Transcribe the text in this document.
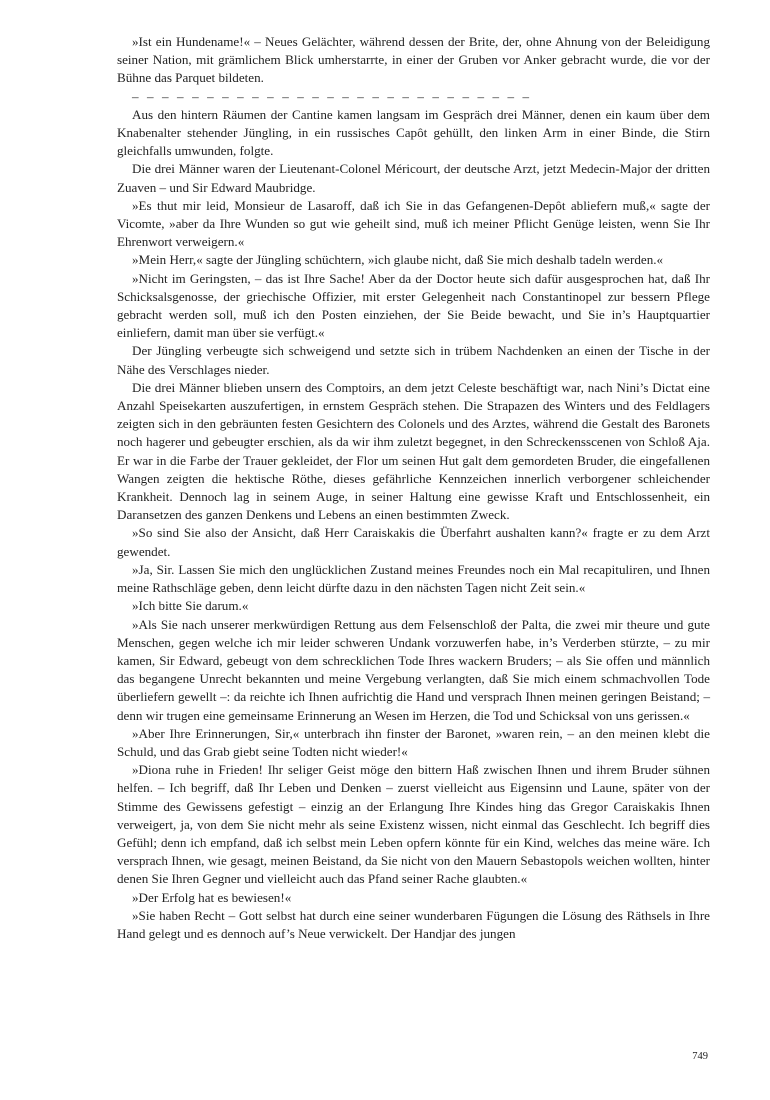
»Ist ein Hundename!« – Neues Gelächter, während dessen der Brite, der, ohne Ahnung von der Beleidigung seiner Nation, mit grämlichem Blick umherstarrte, in einer der Gruben vor Anker gebracht wurde, die vor der Bühne das Parquet bildeten.

– – – – – – – – – – – – – – – – – – – – – – – – – – –

Aus den hintern Räumen der Cantine kamen langsam im Gespräch drei Männer, denen ein kaum über dem Knabenalter stehender Jüngling, in ein russisches Capôt gehüllt, den linken Arm in einer Binde, die Stirn gleichfalls umwunden, folgte.

Die drei Männer waren der Lieutenant-Colonel Méricourt, der deutsche Arzt, jetzt Medecin-Major der dritten Zuaven – und Sir Edward Maubridge.

»Es thut mir leid, Monsieur de Lasaroff, daß ich Sie in das Gefangenen-Depôt abliefern muß,« sagte der Vicomte, »aber da Ihre Wunden so gut wie geheilt sind, muß ich meiner Pflicht Genüge leisten, wenn Sie Ihr Ehrenwort verweigern.«

»Mein Herr,« sagte der Jüngling schüchtern, »ich glaube nicht, daß Sie mich deshalb tadeln werden.«

»Nicht im Geringsten, – das ist Ihre Sache! Aber da der Doctor heute sich dafür ausgesprochen hat, daß Ihr Schicksalsgenosse, der griechische Offizier, mit erster Gelegenheit nach Constantinopel zur bessern Pflege gebracht werden soll, muß ich den Posten einziehen, der Sie Beide bewacht, und Sie in’s Hauptquartier einliefern, damit man über sie verfügt.«

Der Jüngling verbeugte sich schweigend und setzte sich in trübem Nachdenken an einen der Tische in der Nähe des Verschlages nieder.

Die drei Männer blieben unsern des Comptoirs, an dem jetzt Celeste beschäftigt war, nach Nini’s Dictat eine Anzahl Speisekarten auszufertigen, in ernstem Gespräch stehen. Die Strapazen des Winters und des Feldlagers zeigten sich in den gebräunten festen Gesichtern des Colonels und des Arztes, während die Gestalt des Baronets noch hagerer und gebeugter erschien, als da wir ihm zuletzt begegnet, in den Schreckensscenen von Schloß Aja. Er war in die Farbe der Trauer gekleidet, der Flor um seinen Hut galt dem gemordeten Bruder, die eingefallenen Wangen zeigten die hektische Röthe, dieses gefährliche Kennzeichen innerlich verborgener schleichender Krankheit. Dennoch lag in seinem Auge, in seiner Haltung eine gewisse Kraft und Entschlossenheit, ein Daransetzen des ganzen Denkens und Lebens an einen bestimmten Zweck.

»So sind Sie also der Ansicht, daß Herr Caraiskakis die Überfahrt aushalten kann?« fragte er zu dem Arzt gewendet.

»Ja, Sir. Lassen Sie mich den unglücklichen Zustand meines Freundes noch ein Mal recapituliren, und Ihnen meine Rathschläge geben, denn leicht dürfte dazu in den nächsten Tagen nicht Zeit sein.«

»Ich bitte Sie darum.«

»Als Sie nach unserer merkwürdigen Rettung aus dem Felsenschloß der Palta, die zwei mir theure und gute Menschen, gegen welche ich mir leider schweren Undank vorzuwerfen habe, in’s Verderben stürzte, – zu mir kamen, Sir Edward, gebeugt von dem schrecklichen Tode Ihres wackern Bruders; – als Sie offen und männlich das begangene Unrecht bekannten und meine Vergebung verlangten, daß Sie mich einem schmachvollen Tode überliefern gewellt –: da reichte ich Ihnen aufrichtig die Hand und versprach Ihnen meinen geringen Beistand; – denn wir trugen eine gemeinsame Erinnerung an Wesen im Herzen, die Tod und Schicksal von uns gerissen.«

»Aber Ihre Erinnerungen, Sir,« unterbrach ihn finster der Baronet, »waren rein, – an den meinen klebt die Schuld, und das Grab giebt seine Todten nicht wieder!«

»Diona ruhe in Frieden! Ihr seliger Geist möge den bittern Haß zwischen Ihnen und ihrem Bruder sühnen helfen. – Ich begriff, daß Ihr Leben und Denken – zuerst vielleicht aus Eigensinn und Laune, später von der Stimme des Gewissens gefestigt – einzig an der Erlangung Ihre Kindes hing das Gregor Caraiskakis Ihnen verweigert, ja, von dem Sie nicht mehr als seine Existenz wissen, nicht einmal das Geschlecht. Ich begriff dies Gefühl; denn ich empfand, daß ich selbst mein Leben opfern könnte für ein Kind, welches das meine wäre. Ich versprach Ihnen, wie gesagt, meinen Beistand, da Sie nicht von den Mauern Sebastopols weichen wollten, hinter denen Sie Ihren Gegner und vielleicht auch das Pfand seiner Rache glaubten.«

»Der Erfolg hat es bewiesen!«

»Sie haben Recht – Gott selbst hat durch eine seiner wunderbaren Fügungen die Lösung des Räthsels in Ihre Hand gelegt und es dennoch auf’s Neue verwickelt. Der Handjar des jungen

749
